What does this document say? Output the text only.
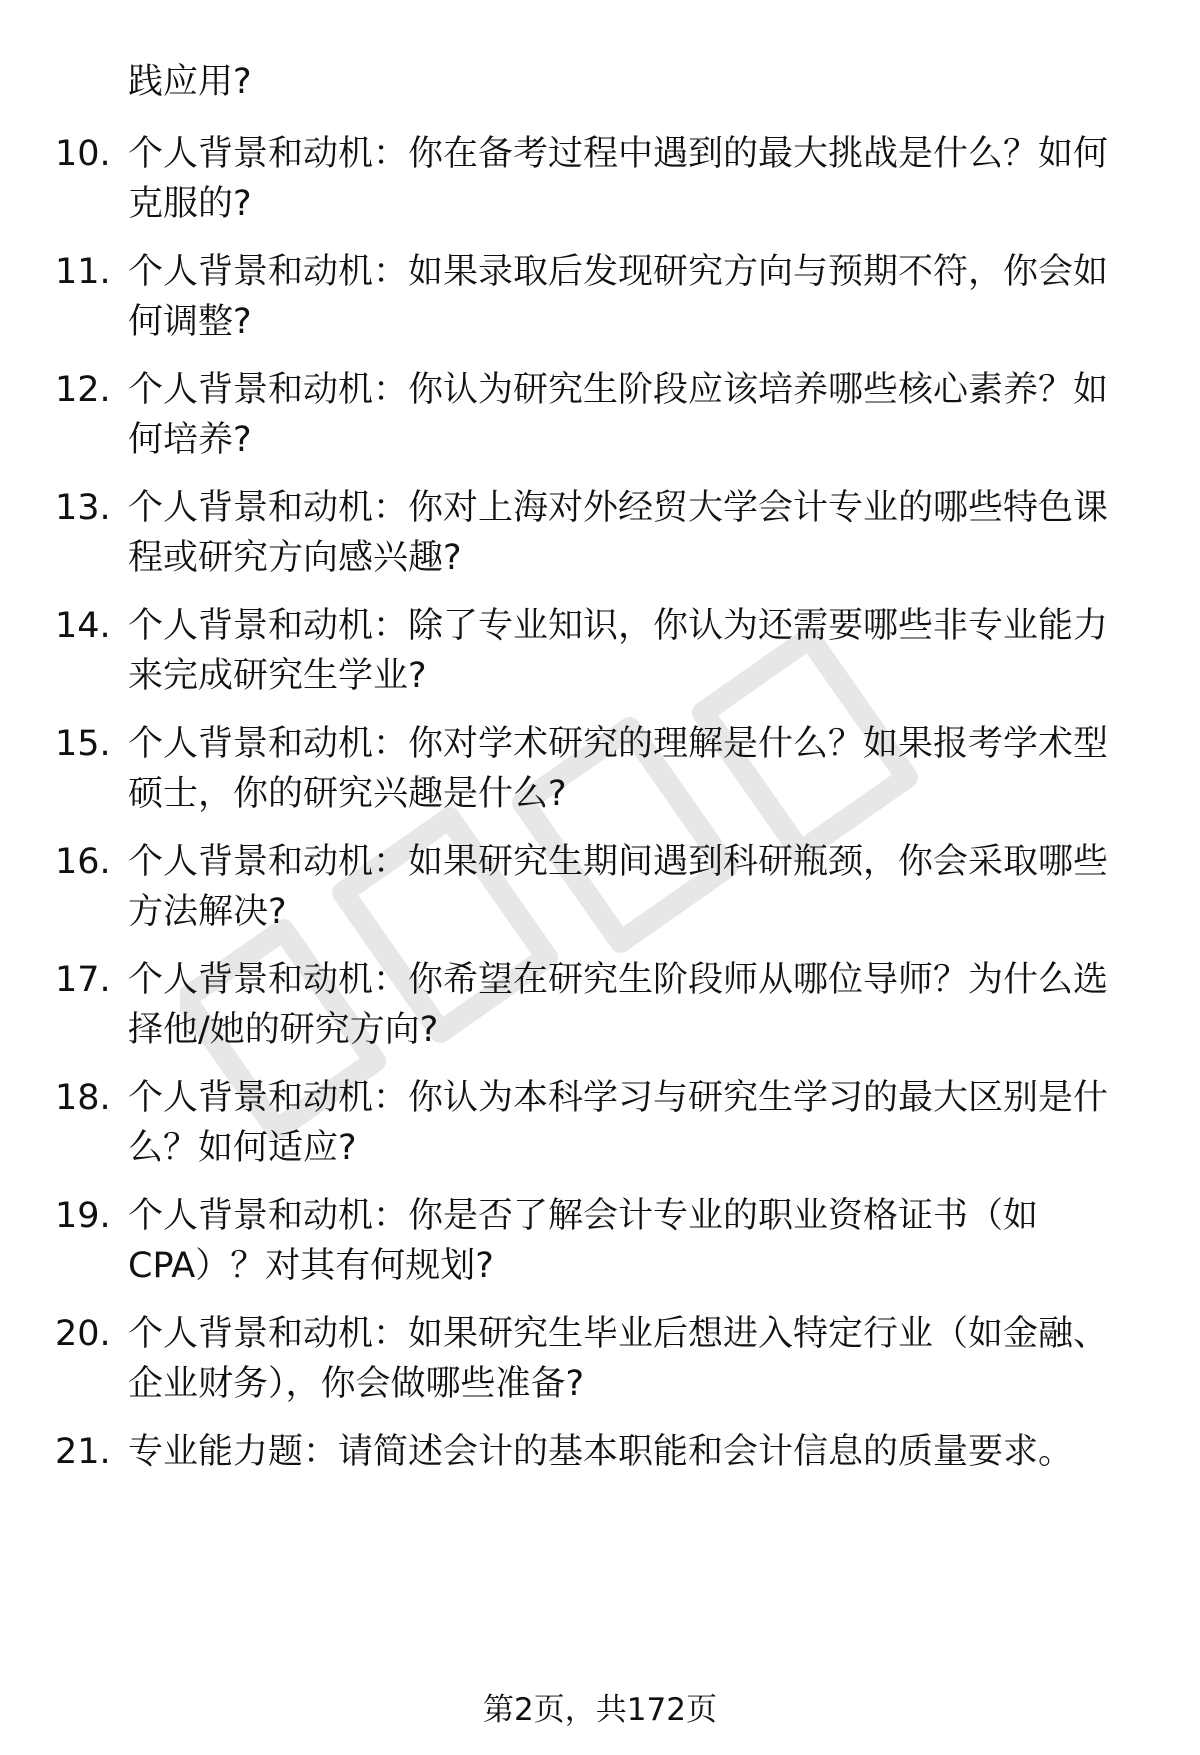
践应用?
10. 个人背景和动机：你在备考过程中遇到的最大挑战是什么？如何
克服的?
11. 个人背景和动机：如果录取后发现研究方向与预期不符，你会如
何调整?
12. 个人背景和动机：你认为研究生阶段应该培养哪些核心素养？如
何培养?
13. 个人背景和动机：你对上海对外经贸大学会计专业的哪些特色课
程或研究方向感兴趣?
14. 个人背景和动机：除了专业知识，你认为还需要哪些非专业能力
来完成研究生学业?
15. 个人背景和动机：你对学术研究的理解是什么？如果报考学术型
硕士，你的研究兴趣是什么?
16. 个人背景和动机：如果研究生期间遇到科研瓶颈，你会采取哪些
方法解决?
17. 个人背景和动机：你希望在研究生阶段师从哪位导师？为什么选
择他/她的研究方向?
18. 个人背景和动机：你认为本科学习与研究生学习的最大区别是什
么？如何适应?
19. 个人背景和动机：你是否了解会计专业的职业资格证书（如
CPA）？对其有何规划?
20. 个人背景和动机：如果研究生毕业后想进入特定行业（如金融、
企业财务），你会做哪些准备?
21. 专业能力题：请简述会计的基本职能和会计信息的质量要求。
第2页，共172页
